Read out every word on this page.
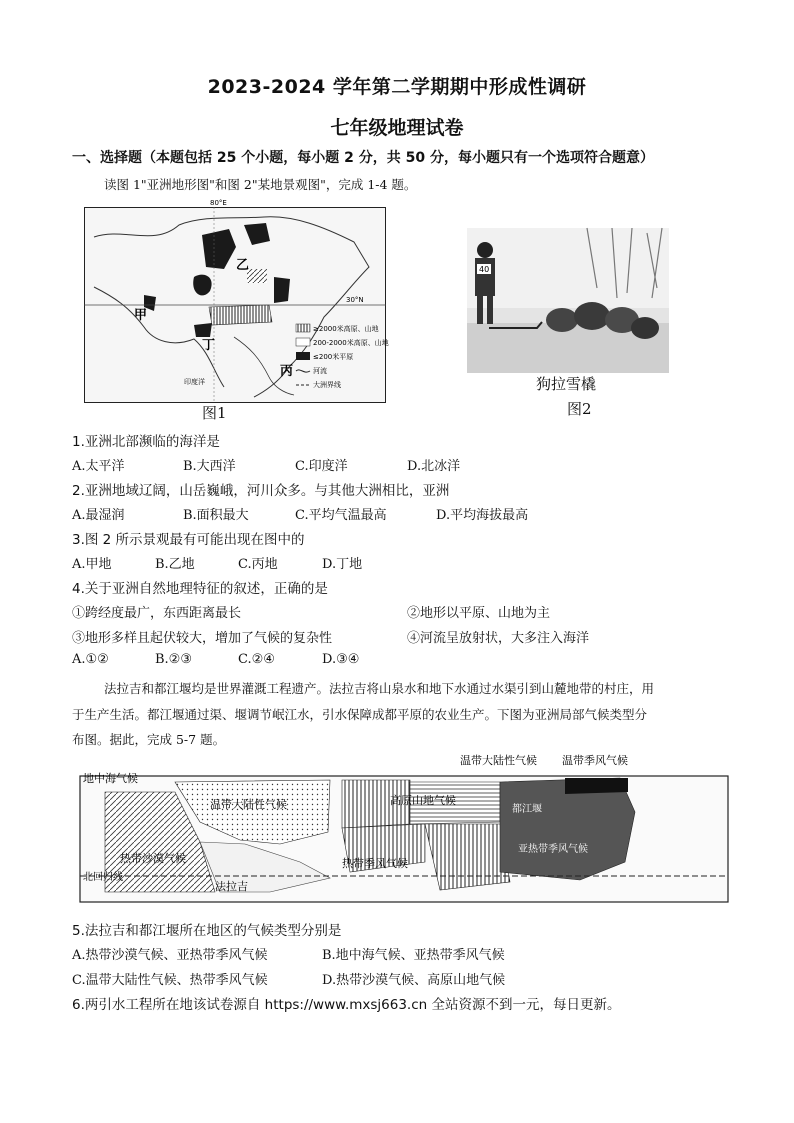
2023-2024 学年第二学期期中形成性调研
七年级地理试卷
一、选择题（本题包括 25 个小题，每小题 2 分，共 50 分，每小题只有一个选项符合题意）
读图 1"亚洲地形图"和图 2"某地景观图"，完成 1-4 题。
30°N
80°E
甲
乙
丙
丁
印度洋
≥2000米高原、山地
200-2000米高原、山地
≤200米平原
河流
大洲界线
图1
40
狗拉雪橇
图2
1.亚洲北部濒临的海洋是
A.太平洋	B.大西洋	C.印度洋	D.北冰洋
2.亚洲地域辽阔，山岳巍峨，河川众多。与其他大洲相比，亚洲
A.最湿润	B.面积最大	C.平均气温最高	D.平均海拔最高
3.图 2 所示景观最有可能出现在图中的
A.甲地	B.乙地	C.丙地	D.丁地
4.关于亚洲自然地理特征的叙述，正确的是
①跨经度最广，东西距离最长	②地形以平原、山地为主
③地形多样且起伏较大，增加了气候的复杂性	④河流呈放射状，大多注入海洋
A.①②	B.②③	C.②④	D.③④
法拉吉和都江堰均是世界灌溉工程遗产。法拉吉将山泉水和地下水通过水渠引到山麓地带的村庄，用
于生产生活。都江堰通过渠、堰调节岷江水，引水保障成都平原的农业生产。下图为亚洲局部气候类型分
布图。据此，完成 5-7 题。
地中海气候
温带大陆性气候 温带季风气候
温带大陆性气候	高原山地气候
热带沙漠气候	热带季风气候
亚热带季风气候
北回归线
法拉吉
都江堰
5.法拉吉和都江堰所在地区的气候类型分别是
A.热带沙漠气候、亚热带季风气候	B.地中海气候、亚热带季风气候
C.温带大陆性气候、热带季风气候	D.热带沙漠气候、高原山地气候
6.两引水工程所在地该试卷源自 https://www.mxsj663.cn 全站资源不到一元，每日更新。
